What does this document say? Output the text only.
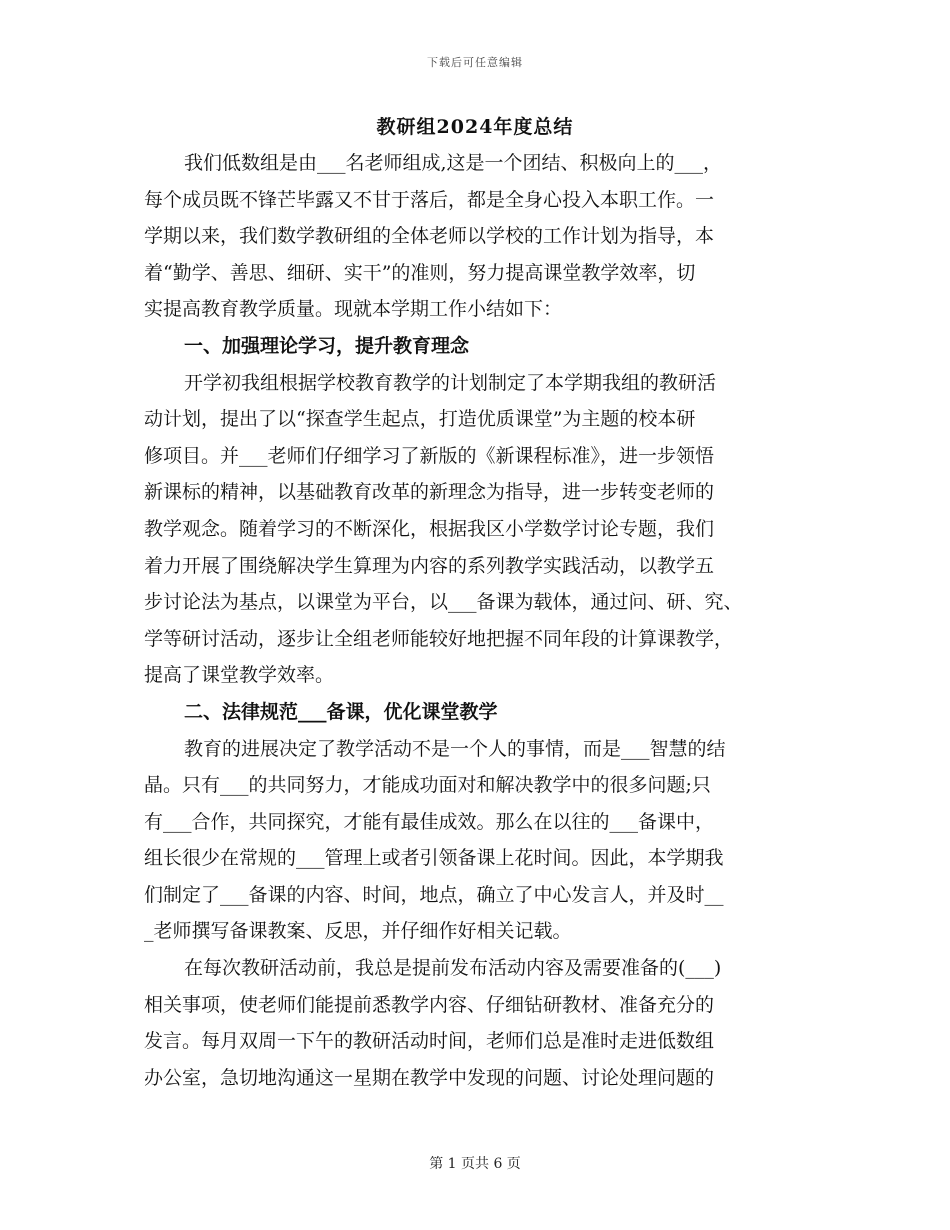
下载后可任意编辑
教研组2024年度总结
我们低数组是由___名老师组成,这是一个团结、积极向上的___，
每个成员既不锋芒毕露又不甘于落后，都是全身心投入本职工作。一
学期以来，我们数学教研组的全体老师以学校的工作计划为指导，本
着“勤学、善思、细研、实干”的准则，努力提高课堂教学效率，切
实提高教育教学质量。现就本学期工作小结如下：
一、加强理论学习，提升教育理念
开学初我组根据学校教育教学的计划制定了本学期我组的教研活
动计划，提出了以“探查学生起点，打造优质课堂”为主题的校本研
修项目。并___老师们仔细学习了新版的《新课程标准》，进一步领悟
新课标的精神，以基础教育改革的新理念为指导，进一步转变老师的
教学观念。随着学习的不断深化，根据我区小学数学讨论专题，我们
着力开展了围绕解决学生算理为内容的系列教学实践活动，以教学五
步讨论法为基点，以课堂为平台，以___备课为载体，通过问、研、究、
学等研讨活动，逐步让全组老师能较好地把握不同年段的计算课教学，
提高了课堂教学效率。
二、法律规范___备课，优化课堂教学
教育的进展决定了教学活动不是一个人的事情，而是___智慧的结
晶。只有___的共同努力，才能成功面对和解决教学中的很多问题;只
有___合作，共同探究，才能有最佳成效。那么在以往的___备课中，
组长很少在常规的___管理上或者引领备课上花时间。因此，本学期我
们制定了___备课的内容、时间，地点，确立了中心发言人，并及时__
_老师撰写备课教案、反思，并仔细作好相关记载。
在每次教研活动前，我总是提前发布活动内容及需要准备的(___)
相关事项，使老师们能提前悉教学内容、仔细钻研教材、准备充分的
发言。每月双周一下午的教研活动时间，老师们总是准时走进低数组
办公室，急切地沟通这一星期在教学中发现的问题、讨论处理问题的
第 1 页共 6 页
